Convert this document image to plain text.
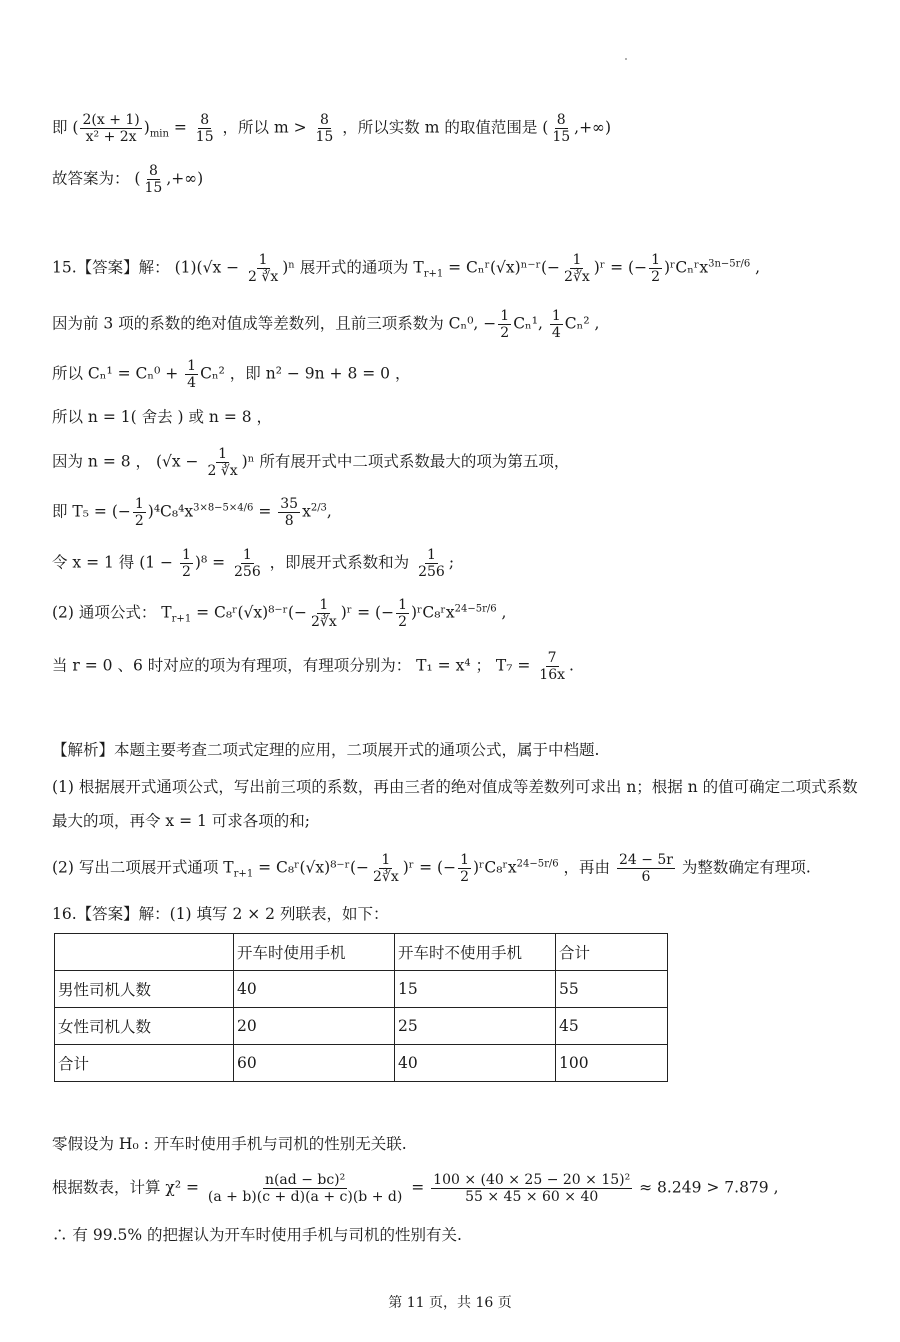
即 ( $\frac{2(x + 1)}{\text{x² + 2x}} )_{min} = \frac{8}{15}$ ，所以 $m > \frac{8}{15}$ ，所以实数 m 的取值范围是 ( $\frac{8}{15}$ ,+∞)
故答案为： ( $\frac{8}{15}$ ,+∞)
15.【答案】解： $(1)(√x - \frac{1}{2 ∛x} )^n$ 展开式的通项为 $T_{r+1}$ = Cₙʳ(√x)ⁿ⁻ʳ(− $\frac{1}{2∛x}$ )ʳ = (− $\frac{1}{2}$ )ʳCₙʳx$^{3n-5r/6}$ ,
因为前 3 项的系数的绝对值成等差数列，且前三项系数为 Cₙ⁰, − $\frac{1}{2} C_n^1$, $\frac{1}{4} C_n^2$ ,
所以 $C_n^1 = C_n^0 + \frac{1}{4} C_n^2$ ，即 n² − 9n + 8 = 0 ，
所以 n = 1( 舍去 ) 或 n = 8 ，
因为 n = 8 ， $(√x - \frac{1}{2 ∛x} )^n$ 所有展开式中二项式系数最大的项为第五项，
即 T₅ = (− $\frac{1}{2} )^4C_8^4x^{3\times 8-5\times 4/6} = \frac{35}{8} x^{2/3}$,
令 x = 1 得 $(1 - \frac{1}{2} )^8 = \frac{1}{256}$ ，即展开式系数和为 $\frac{1}{256}$ ;
(2) 通项公式： $T_{r+1}$ = C₈ʳ(√x)⁸⁻ʳ(− $\frac{1}{2∛x}$ )ʳ = (− $\frac{1}{2}$ )ʳC₈ʳx$^{24-5r/6}$ ,
当 r = 0 、6 时对应的项为有理项，有理项分别为： T₁ = x⁴ ； $T_7 = \frac{7}{16x}$ .
【解析】本题主要考查二项式定理的应用，二项展开式的通项公式，属于中档题.
(1) 根据展开式通项公式，写出前三项的系数，再由三者的绝对值成等差数列可求出 n；根据 n 的值可确定二项式系数最大的项，再令 x = 1 可求各项的和;
(2) 写出二项展开式通项 $T_{r+1}$ = C₈ʳ(√x)⁸⁻ʳ(− $\frac{1}{2∛x}$ )ʳ = (− $\frac{1}{2}$ )ʳC₈ʳx$^{24-5r/6}$ ，再由 $\frac{24 - 5r}{6}$ 为整数确定有理项.
16.【答案】解：(1) 填写 2 × 2 列联表，如下：
	开车时使用手机	开车时不使用手机	合计
男性司机人数	40	15	55
女性司机人数	20	25	45
合计	60	40	100
零假设为 H₀ : 开车时使用手机与司机的性别无关联.
根据数表，计算 $\chi^2 = \frac{\text{n(ad − bc)²}}{(a + b)(c + d)(a + c)(b + d)} = \frac{\text{100 × (40 × 25 − 20 × 15)²}}{55 \times 45 \times 60 \times 40} \approx 8.249 > 7.879$ ,
∴ 有 99.5% 的把握认为开车时使用手机与司机的性别有关.
第 11 页，共 16 页
